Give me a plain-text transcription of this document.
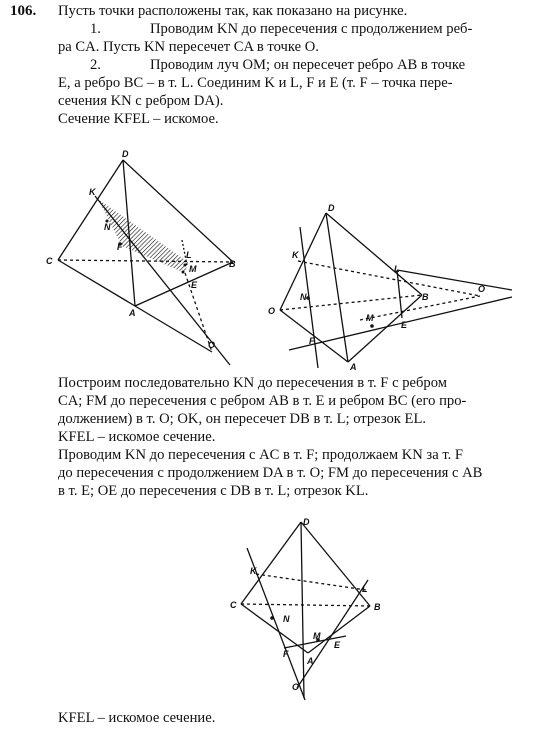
106. Пусть точки расположены так, как показано на рисунке.
1.	Проводим KN до пересечения с продолжением реб-
ра CA. Пусть KN пересечет CA в точке O.
2.	Проводим луч OM; он пересечет ребро AB в точке
E, а ребро BC – в т. L. Соединим K и L, F и E (т. F – точка пере-
сечения KN с ребром DA).
Сечение KFEL – искомое.
D
K
N
F
L
M
C	B
E
A
O
D
K
L
N	B
O
O
M
E
F
A
D
K
L
C	B
N
M
F
A
E
O
Построим последовательно KN до пересечения в т. F с ребром
CA; FM до пересечения с ребром AB в т. E и ребром BC (его про-
должением) в т. O; OK, он пересечет DB в т. L; отрезок EL.
KFEL – искомое сечение.
Проводим KN до пересечения с AC в т. F; продолжаем KN за т. F
до пересечения с продолжением DA в т. O; FM до пересечения с AB
в т. E; OE до пересечения с DB в т. L; отрезок KL.
KFEL – искомое сечение.
